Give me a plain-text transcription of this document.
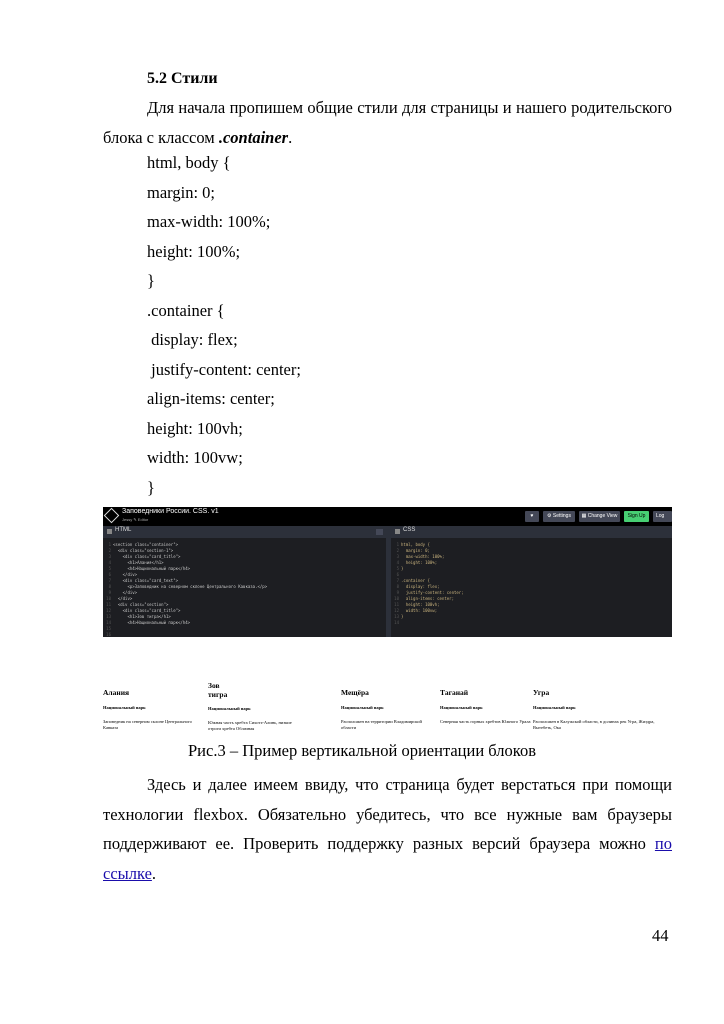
5.2 Стили
Для начала пропишем общие стили для страницы и нашего родительского блока с классом .container.
html, body {
margin: 0;
max-width: 100%;
height: 100%;
}
.container {
display: flex;
justify-content: center;
align-items: center;
height: 100vh;
width: 100vw;
}
Заповедники России. CSS. v1
Jessy ✎ Editor
♥	⚙ Settings	▦ Change View	Sign Up	Log
HTML
1 2 3 4 5 6 7 8 9 10 11 12 13 14 15 16
<section class="container">
<div class="section-1">
<div class="card_title">
<h1>Алания</h1>
<h4>Национальный парк</h4>
</div>
<div class="card_text">
<p>Заповедник на северном склоне Центрального Кавказа.</p>
</div>
</div>
<div class="section">
<div class="card_title">
<h1>Зов тигра</h1>
<h4>Национальный парк</h4>
CSS
1 2 3 4 5 6 7 8 9 10 11 12 13 14
html, body {
margin: 0;
max-width: 100%;
height: 100%;
}

.container {
display: flex;
justify-content: center;
align-items: center;
height: 100vh;
width: 100vw;
}
Алания
Национальный парк
Заповедник на северном склоне Центрального Кавказа
Зов тигра
Национальный парк
Южная часть хребта Сихотэ-Алинь, низкие отроги хребта Облачная
Мещёра
Национальный парк
Расположен на территории Владимирской области
Таганай
Национальный парк
Северная часть горных хребтов Южного Урала
Угра
Национальный парк
Расположен в Калужской области, в долинах рек Угра, Жиздра, Вытебеть, Ока
Рис.3 – Пример вертикальной ориентации блоков
Здесь и далее имеем ввиду, что страница будет верстаться при помощи технологии flexbox. Обязательно убедитесь, что все нужные вам браузеры поддерживают ее. Проверить поддержку разных версий браузера можно по ссылке.
44
